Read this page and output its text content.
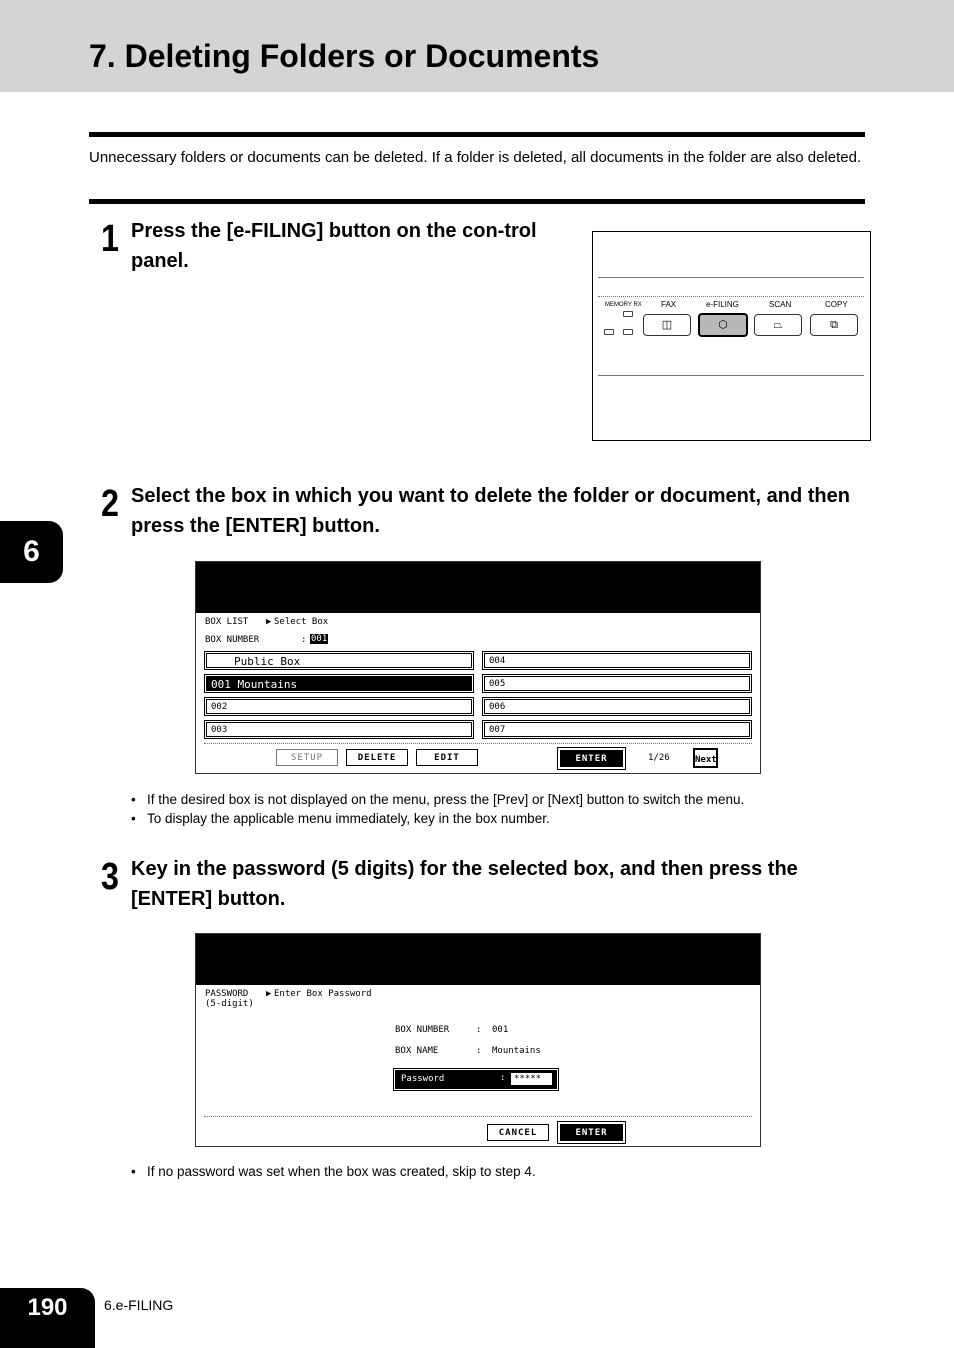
7. Deleting Folders or Documents
Unnecessary folders or documents can be deleted. If a folder is deleted, all documents in the folder are also deleted.
1 Press the [e-FILING] button on the con-trol panel.
MEMORY RX FAX	e-FILING	SCAN	COPY
◫	⬡	⏢	⧉
6
2 Select the box in which you want to delete the folder or document, and then press the [ENTER] button.
BOX LIST ▶ Select Box
BOX NUMBER	: 001
Public Box
001 Mountains
002
003
004
005
006
007
SETUP	DELETE	EDIT	ENTER	1/26	Next
•   If the desired box is not displayed on the menu, press the [Prev] or [Next] button to switch the menu.
•   To display the applicable menu immediately, key in the box number.
3 Key in the password (5 digits) for the selected box, and then press the [ENTER] button.
PASSWORD
(5-digit)
▶ Enter Box Password
BOX NUMBER	: 001
BOX NAME	: Mountains
Password	: *****
CANCEL	ENTER
•   If no password was set when the box was created, skip to step 4.
190	6.e-FILING
